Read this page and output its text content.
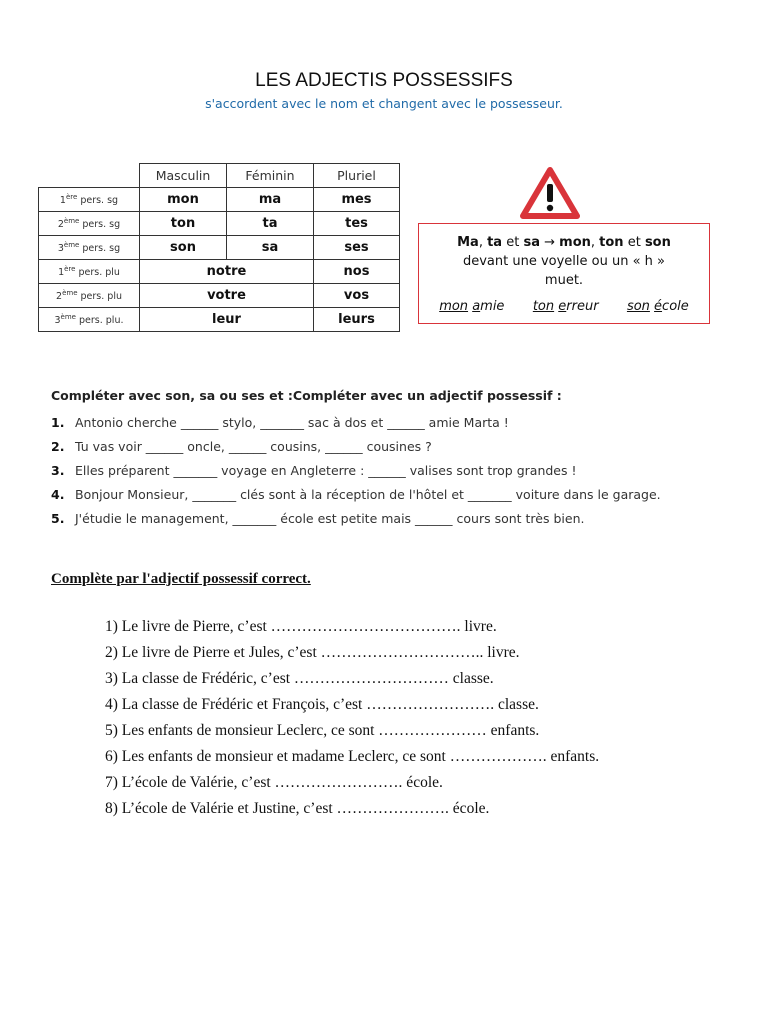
LES ADJECTIS POSSESSIFS
s'accordent avec le nom et changent avec le possesseur.
	Masculin	Féminin	Pluriel
1ère pers. sg	mon	ma	mes
2ème pers. sg	ton	ta	tes
3ème pers. sg	son	sa	ses
1ère pers. plu	notre		nos
2ème pers. plu	votre		vos
3ème pers. plu.	leur		leurs
Ma, ta et sa → mon, ton et son devant une voyelle ou un « h » muet.
mon amie ton erreur son école
Compléter avec son, sa ou ses et :Compléter avec un adjectif possessif :
1. Antonio cherche ______ stylo, _______ sac à dos et ______ amie Marta !
2. Tu vas voir ______ oncle, ______ cousins, ______ cousines ?
3. Elles préparent _______ voyage en Angleterre : ______ valises sont trop grandes !
4. Bonjour Monsieur, _______ clés sont à la réception de l'hôtel et _______ voiture dans le garage.
5. J'étudie le management, _______ école est petite mais ______ cours sont très bien.
Complète par l'adjectif possessif correct.
1) Le livre de Pierre, c’est ………………………………. livre.
2) Le livre de Pierre et Jules, c’est ………………………….. livre.
3) La classe de Frédéric, c’est ………………………… classe.
4) La classe de Frédéric et François, c’est ……………………. classe.
5) Les enfants de monsieur Leclerc, ce sont ………………… enfants.
6) Les enfants de monsieur et madame Leclerc, ce sont ………………. enfants.
7) L’école de Valérie, c’est ……………………. école.
8) L’école de Valérie et Justine, c’est …………………. école.
